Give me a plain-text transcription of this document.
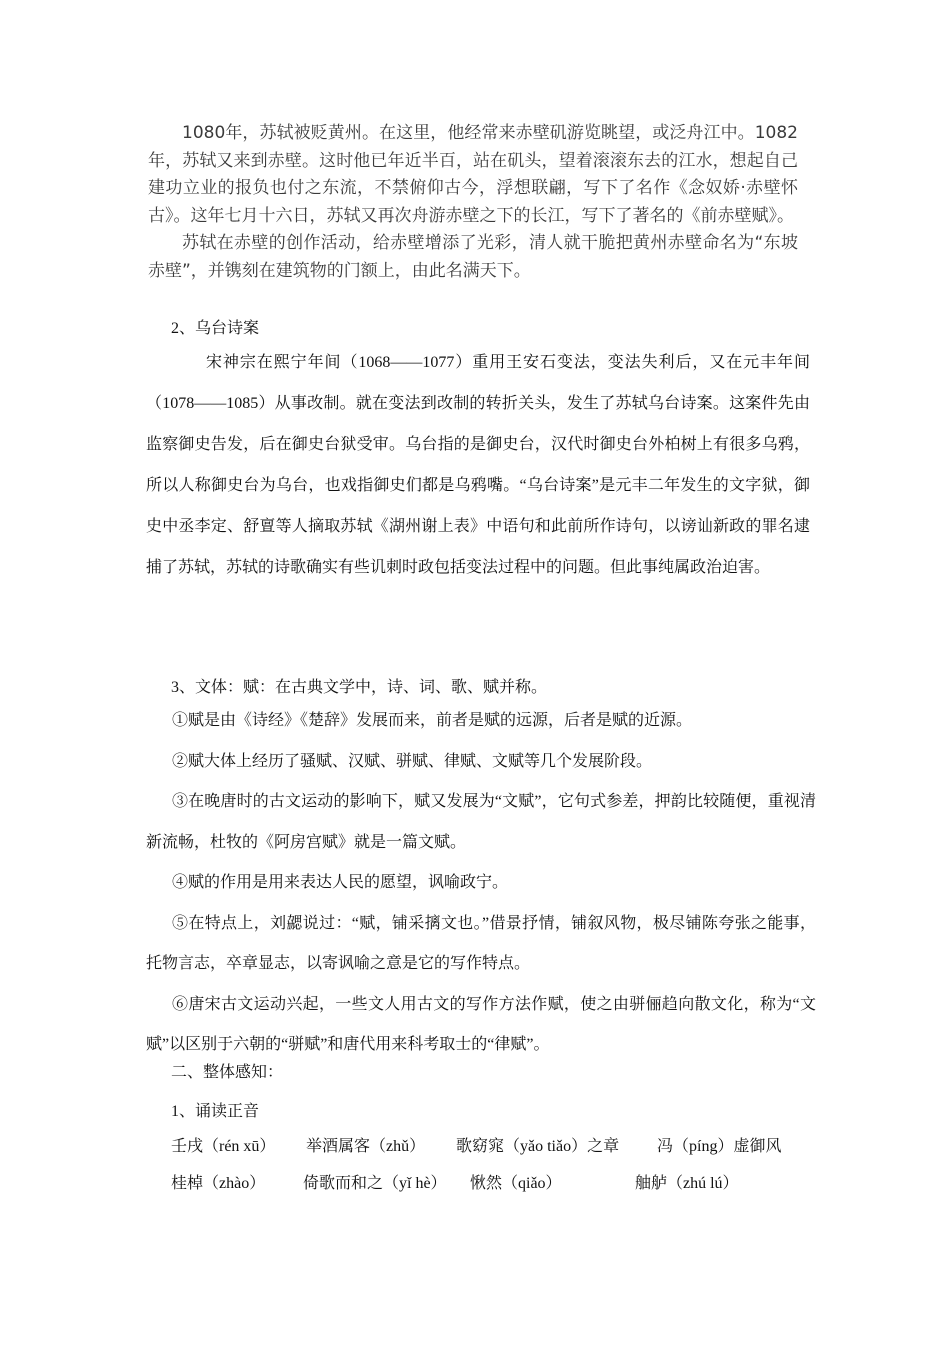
1080年，苏轼被贬黄州。在这里，他经常来赤壁矶游览眺望，或泛舟江中。1082年，苏轼又来到赤壁。这时他已年近半百，站在矶头，望着滚滚东去的江水，想起自己建功立业的报负也付之东流，不禁俯仰古今，浮想联翩，写下了名作《念奴娇·赤壁怀古》。这年七月十六日，苏轼又再次舟游赤壁之下的长江，写下了著名的《前赤壁赋》。

苏轼在赤壁的创作活动，给赤壁增添了光彩，清人就干脆把黄州赤壁命名为“东坡赤壁”，并镌刻在建筑物的门额上，由此名满天下。

2、乌台诗案

宋神宗在熙宁年间（1068——1077）重用王安石变法，变法失利后，又在元丰年间（1078——1085）从事改制。就在变法到改制的转折关头，发生了苏轼乌台诗案。这案件先由监察御史告发，后在御史台狱受审。乌台指的是御史台，汉代时御史台外柏树上有很多乌鸦，所以人称御史台为乌台，也戏指御史们都是乌鸦嘴。“乌台诗案”是元丰二年发生的文字狱，御史中丞李定、舒亶等人摘取苏轼《湖州谢上表》中语句和此前所作诗句，以谤讪新政的罪名逮捕了苏轼，苏轼的诗歌确实有些讥刺时政包括变法过程中的问题。但此事纯属政治迫害。

3、文体：赋：在古典文学中，诗、词、歌、赋并称。

①赋是由《诗经》《楚辞》发展而来，前者是赋的远源，后者是赋的近源。

②赋大体上经历了骚赋、汉赋、骈赋、律赋、文赋等几个发展阶段。

③在晚唐时的古文运动的影响下，赋又发展为“文赋”，它句式参差，押韵比较随便，重视清新流畅，杜牧的《阿房宫赋》就是一篇文赋。

④赋的作用是用来表达人民的愿望，讽喻政宁。

⑤在特点上，刘勰说过：“赋，铺采摛文也。”借景抒情，铺叙风物，极尽铺陈夸张之能事，托物言志，卒章显志，以寄讽喻之意是它的写作特点。

⑥唐宋古文运动兴起，一些文人用古文的写作方法作赋，使之由骈俪趋向散文化，称为“文赋”以区别于六朝的“骈赋”和唐代用来科考取士的“律赋”。

二、整体感知：
1、诵读正音
壬戌（rén xū） 举酒属客（zhǔ） 歌窈窕（yǎo tiǎo）之章 冯（píng）虚御风
桂棹（zhào） 倚歌而和之（yǐ hè） 愀然（qiǎo）	舳舻（zhú lú）
